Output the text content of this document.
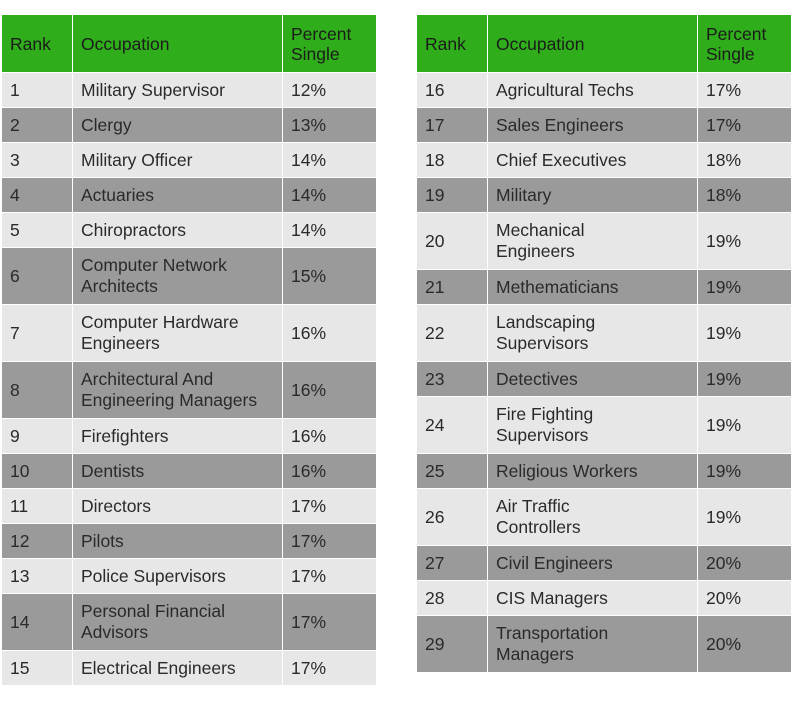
Rank	Occupation	Percent
Single
1	Military Supervisor	12%
2	Clergy	13%
3	Military Officer	14%
4	Actuaries	14%
5	Chiropractors	14%
6	Computer Network
Architects	15%
7	Computer Hardware
Engineers	16%
8	Architectural And
Engineering Managers	16%
9	Firefighters	16%
10	Dentists	16%
11	Directors	17%
12	Pilots	17%
13	Police Supervisors	17%
14	Personal Financial
Advisors	17%
15	Electrical Engineers	17%
Rank	Occupation	Percent
Single
16	Agricultural Techs	17%
17	Sales Engineers	17%
18	Chief Executives	18%
19	Military	18%
20	Mechanical
Engineers	19%
21	Methematicians	19%
22	Landscaping
Supervisors	19%
23	Detectives	19%
24	Fire Fighting
Supervisors	19%
25	Religious Workers	19%
26	Air Traffic
Controllers	19%
27	Civil Engineers	20%
28	CIS Managers	20%
29	Transportation
Managers	20%
